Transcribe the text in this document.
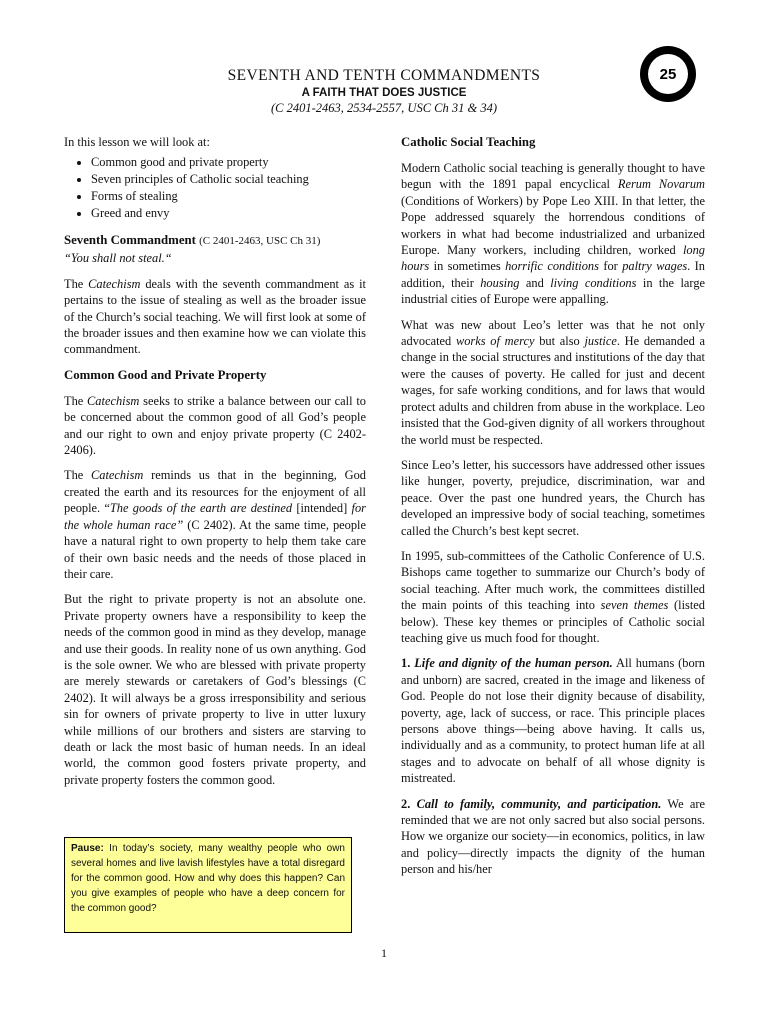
SEVENTH AND TENTH COMMANDMENTS
A FAITH THAT DOES JUSTICE
(C 2401-2463, 2534-2557, USC Ch 31 & 34)
25

In this lesson we will look at:

• Common good and private property
• Seven principles of Catholic social teaching
• Forms of stealing
• Greed and envy
Seventh Commandment (C 2401-2463, USC Ch 31)
“You shall not steal.“

The Catechism deals with the seventh commandment as it pertains to the issue of stealing as well as the broader issue of the Church’s social teaching. We will first look at some of the broader issues and then examine how we can violate this commandment.

Common Good and Private Property

The Catechism seeks to strike a balance between our call to be concerned about the common good of all God’s people and our right to own and enjoy private property (C 2402-2406).

The Catechism reminds us that in the beginning, God created the earth and its resources for the enjoyment of all people. “The goods of the earth are destined [intended] for the whole human race” (C 2402). At the same time, people have a natural right to own property to help them take care of their own basic needs and the needs of those placed in their care.

But the right to private property is not an absolute one. Private property owners have a responsibility to keep the needs of the common good in mind as they develop, manage and use their goods. In reality none of us own anything. God is the sole owner. We who are blessed with private property are merely stewards or caretakers of God’s blessings (C 2402). It will always be a gross irresponsibility and serious sin for owners of private property to live in utter luxury while millions of our brothers and sisters are starving to death or lack the most basic of human needs. In an ideal world, the common good fosters private property, and private property fosters the common good.

Pause: In today’s society, many wealthy people who own several homes and live lavish lifestyles have a total disregard for the common good. How and why does this happen? Can you give examples of people who have a deep concern for the common good?
Catholic Social Teaching

Modern Catholic social teaching is generally thought to have begun with the 1891 papal encyclical Rerum Novarum (Conditions of Workers) by Pope Leo XIII. In that letter, the Pope addressed squarely the horrendous conditions of workers in what had become industrialized and urbanized Europe. Many workers, including children, worked long hours in sometimes horrific conditions for paltry wages. In addition, their housing and living conditions in the large industrial cities of Europe were appalling.

What was new about Leo’s letter was that he not only advocated works of mercy but also justice. He demanded a change in the social structures and institutions of the day that were the causes of poverty. He called for just and decent wages, for safe working conditions, and for laws that would protect adults and children from abuse in the workplace. Leo insisted that the God-given dignity of all workers throughout the world must be respected.

Since Leo’s letter, his successors have addressed other issues like hunger, poverty, prejudice, discrimination, war and peace. Over the past one hundred years, the Church has developed an impressive body of social teaching, sometimes called the Church’s best kept secret.

In 1995, sub-committees of the Catholic Conference of U.S. Bishops came together to summarize our Church’s body of social teaching. After much work, the committees distilled the main points of this teaching into seven themes (listed below). These key themes or principles of Catholic social teaching give us much food for thought.

1. Life and dignity of the human person. All humans (born and unborn) are sacred, created in the image and likeness of God. People do not lose their dignity because of disability, poverty, age, lack of success, or race. This principle places persons above things—being above having. It calls us, individually and as a community, to protect human life at all stages and to advocate on behalf of all whose dignity is mistreated.

2. Call to family, community, and participation. We are reminded that we are not only sacred but also social persons. How we organize our society—in economics, politics, in law and policy—directly impacts the dignity of the human person and his/her

1
